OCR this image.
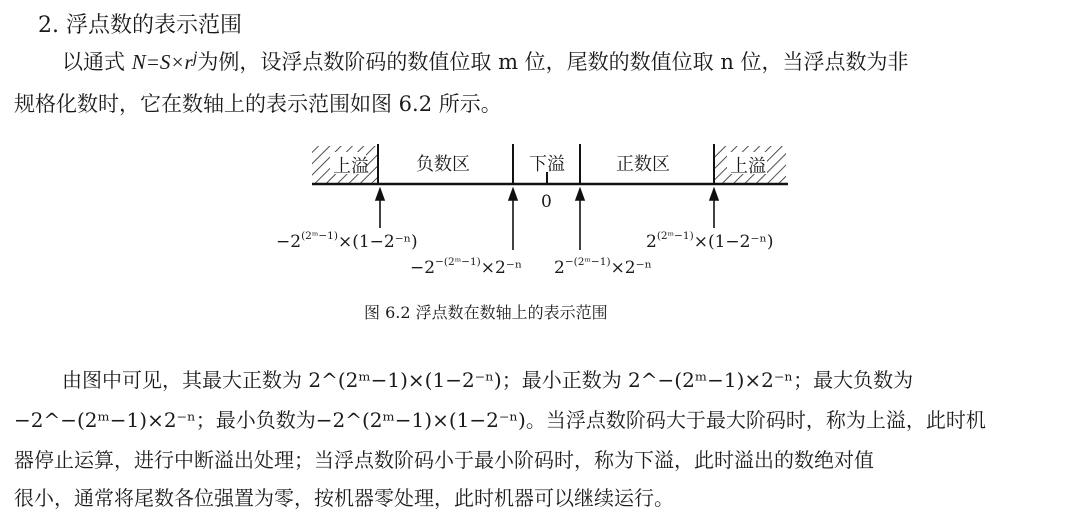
2. 浮点数的表示范围
以通式 $N=S\times r^j$为例，设浮点数阶码的数值位取 m 位，尾数的数值位取 n 位，当浮点数为非
规格化数时，它在数轴上的表示范围如图 6.2 所示。
上溢	负数区	下溢	正数区	上溢
0
$-2^{(2ᵐ-1)}\times(1-2^{-n})$
$-2^{-(2ᵐ-1)}\times 2^{-n}$ $2^{-(2ᵐ-1)}\times 2^{-n}$
$2^{(2ᵐ-1)}\times(1-2^{-n})$
图 6.2 浮点数在数轴上的表示范围
由图中可见，其最大正数为 2^(2ᵐ−1)×(1−2⁻ⁿ)；最小正数为 2^−(2ᵐ−1)×2⁻ⁿ；最大负数为
−2^−(2ᵐ−1)×2⁻ⁿ；最小负数为−2^(2ᵐ−1)×(1−2⁻ⁿ)。当浮点数阶码大于最大阶码时，称为上溢，此时机
器停止运算，进行中断溢出处理；当浮点数阶码小于最小阶码时，称为下溢，此时溢出的数绝对值
很小，通常将尾数各位强置为零，按机器零处理，此时机器可以继续运行。
